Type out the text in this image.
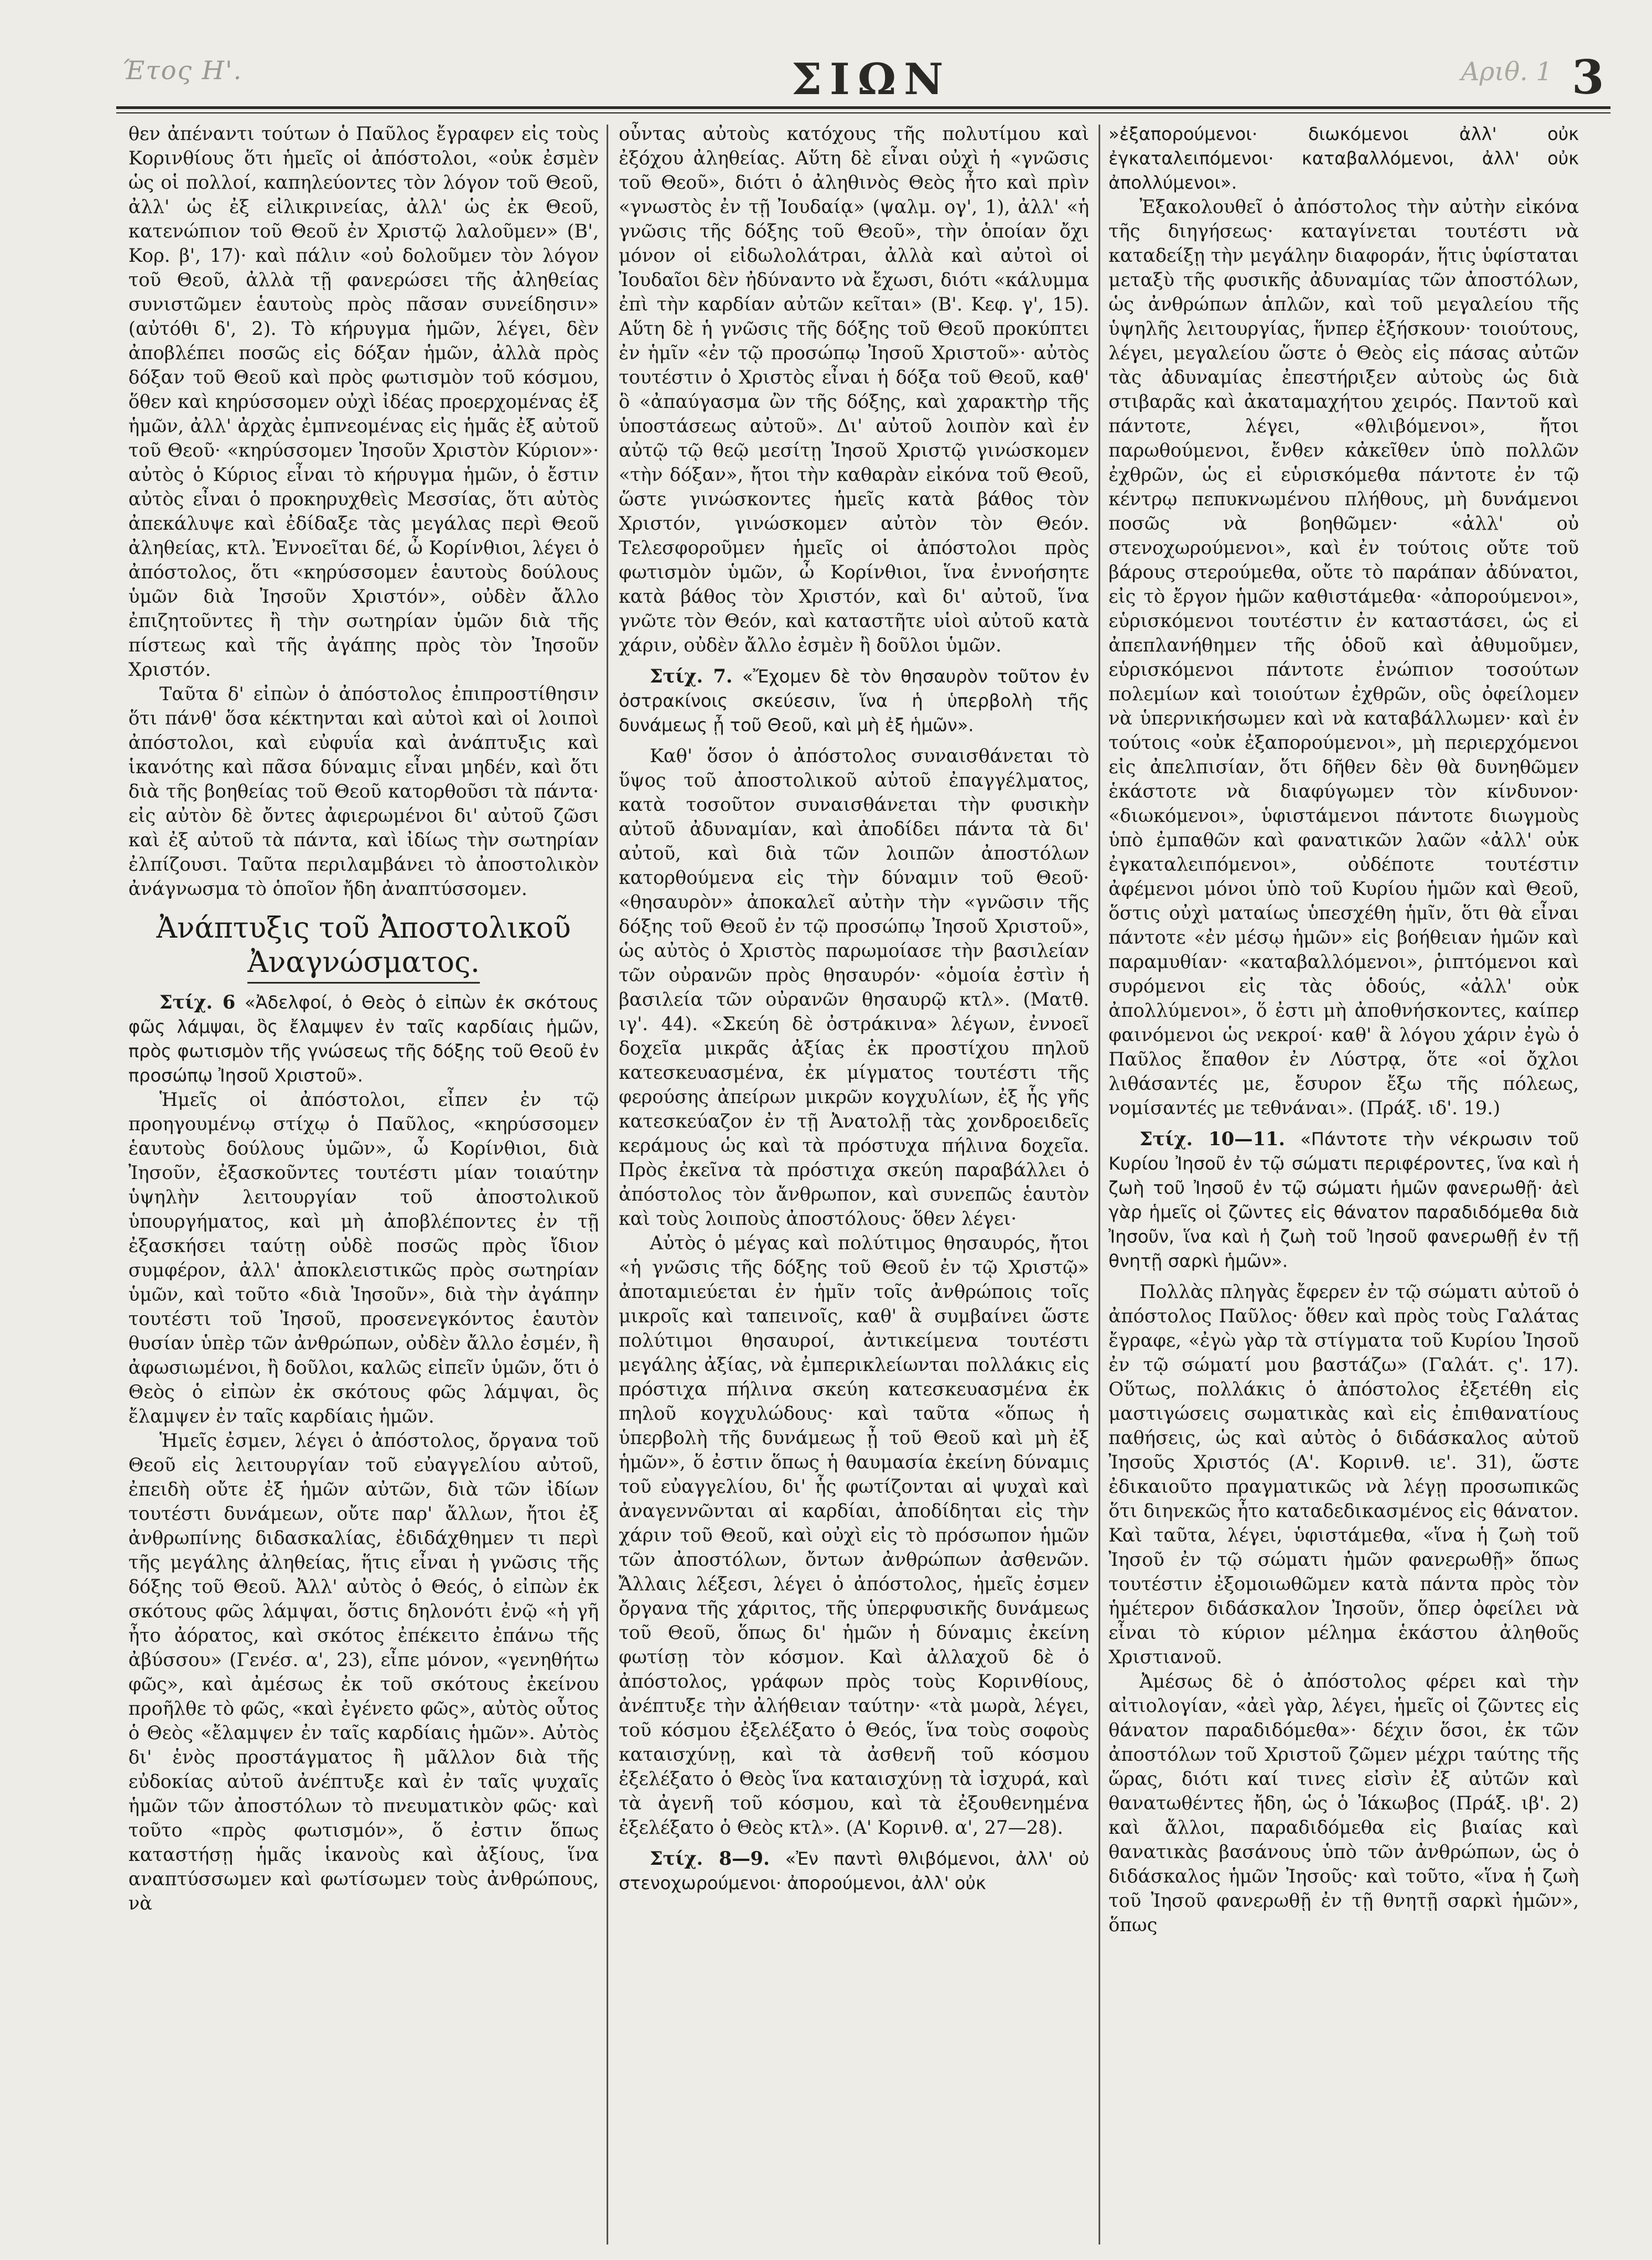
Έτος Η'.	ΣΙΩΝ	Αριθ. 1 3

θεν ἀπέναντι τούτων ὁ Παῦλος ἔγραφεν εἰς τοὺς Κορινθίους ὅτι ἡμεῖς οἱ ἀπόστολοι, «οὐκ ἐσμὲν ὡς οἱ πολλοί, καπηλεύοντες τὸν λόγον τοῦ Θεοῦ, ἀλλ' ὡς ἐξ εἰλικρινείας, ἀλλ' ὡς ἐκ Θεοῦ, κατενώπιον τοῦ Θεοῦ ἐν Χριστῷ λαλοῦμεν» (Β', Κορ. β', 17)· καὶ πάλιν «οὐ δολοῦμεν τὸν λόγον τοῦ Θεοῦ, ἀλλὰ τῇ φανερώσει τῆς ἀληθείας συνιστῶμεν ἑαυτοὺς πρὸς πᾶσαν συνείδησιν» (αὐτόθι δ', 2). Τὸ κήρυγμα ἡμῶν, λέγει, δὲν ἀποβλέπει ποσῶς εἰς δόξαν ἡμῶν, ἀλλὰ πρὸς δόξαν τοῦ Θεοῦ καὶ πρὸς φωτισμὸν τοῦ κόσμου, ὅθεν καὶ κηρύσσομεν οὐχὶ ἰδέας προερχομένας ἐξ ἡμῶν, ἀλλ' ἀρχὰς ἐμπνεομένας εἰς ἡμᾶς ἐξ αὐτοῦ τοῦ Θεοῦ· «κηρύσσομεν Ἰησοῦν Χριστὸν Κύριον»· αὐτὸς ὁ Κύριος εἶναι τὸ κήρυγμα ἡμῶν, ὁ ἔστιν αὐτὸς εἶναι ὁ προκηρυχθεὶς Μεσσίας, ὅτι αὐτὸς ἀπεκάλυψε καὶ ἐδίδαξε τὰς μεγάλας περὶ Θεοῦ ἀληθείας, κτλ. Ἐννοεῖται δέ, ὦ Κορίνθιοι, λέγει ὁ ἀπόστολος, ὅτι «κηρύσσομεν ἑαυτοὺς δούλους ὑμῶν διὰ Ἰησοῦν Χριστόν», οὐδὲν ἄλλο ἐπιζητοῦντες ἢ τὴν σωτηρίαν ὑμῶν διὰ τῆς πίστεως καὶ τῆς ἀγάπης πρὸς τὸν Ἰησοῦν Χριστόν.

Ταῦτα δ' εἰπὼν ὁ ἀπόστολος ἐπιπροστίθησιν ὅτι πάνθ' ὅσα κέκτηνται καὶ αὐτοὶ καὶ οἱ λοιποὶ ἀπόστολοι, καὶ εὐφυΐα καὶ ἀνάπτυξις καὶ ἱκανότης καὶ πᾶσα δύναμις εἶναι μηδέν, καὶ ὅτι διὰ τῆς βοηθείας τοῦ Θεοῦ κατορθοῦσι τὰ πάντα· εἰς αὐτὸν δὲ ὄντες ἀφιερωμένοι δι' αὐτοῦ ζῶσι καὶ ἐξ αὐτοῦ τὰ πάντα, καὶ ἰδίως τὴν σωτηρίαν ἐλπίζουσι. Ταῦτα περιλαμβάνει τὸ ἀποστολικὸν ἀνάγνωσμα τὸ ὁποῖον ἤδη ἀναπτύσσομεν.

Ἀνάπτυξις τοῦ Ἀποστολικοῦ
Ἀναγνώσματος.

Στίχ. 6 «Ἀδελφοί, ὁ Θεὸς ὁ εἰπὼν ἐκ σκότους φῶς λάμψαι, ὃς ἔλαμψεν ἐν ταῖς καρδίαις ἡμῶν, πρὸς φωτισμὸν τῆς γνώσεως τῆς δόξης τοῦ Θεοῦ ἐν προσώπῳ Ἰησοῦ Χριστοῦ».

Ἡμεῖς οἱ ἀπόστολοι, εἶπεν ἐν τῷ προηγουμένῳ στίχῳ ὁ Παῦλος, «κηρύσσομεν ἑαυτοὺς δούλους ὑμῶν», ὦ Κορίνθιοι, διὰ Ἰησοῦν, ἐξασκοῦντες τουτέστι μίαν τοιαύτην ὑψηλὴν λειτουργίαν τοῦ ἀποστολικοῦ ὑπουργήματος, καὶ μὴ ἀποβλέποντες ἐν τῇ ἐξασκήσει ταύτῃ οὐδὲ ποσῶς πρὸς ἴδιον συμφέρον, ἀλλ' ἀποκλειστικῶς πρὸς σωτηρίαν ὑμῶν, καὶ τοῦτο «διὰ Ἰησοῦν», διὰ τὴν ἀγάπην τουτέστι τοῦ Ἰησοῦ, προσενεγκόντος ἑαυτὸν θυσίαν ὑπὲρ τῶν ἀνθρώπων, οὐδὲν ἄλλο ἐσμέν, ἢ ἀφωσιωμένοι, ἢ δοῦλοι, καλῶς εἰπεῖν ὑμῶν, ὅτι ὁ Θεὸς ὁ εἰπὼν ἐκ σκότους φῶς λάμψαι, ὃς ἔλαμψεν ἐν ταῖς καρδίαις ἡμῶν.

Ἡμεῖς ἐσμεν, λέγει ὁ ἀπόστολος, ὄργανα τοῦ Θεοῦ εἰς λειτουργίαν τοῦ εὐαγγελίου αὐτοῦ, ἐπειδὴ οὔτε ἐξ ἡμῶν αὐτῶν, διὰ τῶν ἰδίων τουτέστι δυνάμεων, οὔτε παρ' ἄλλων, ἤτοι ἐξ ἀνθρωπίνης διδασκαλίας, ἐδιδάχθημεν τι περὶ τῆς μεγάλης ἀληθείας, ἥτις εἶναι ἡ γνῶσις τῆς δόξης τοῦ Θεοῦ. Ἀλλ' αὐτὸς ὁ Θεός, ὁ εἰπὼν ἐκ σκότους φῶς λάμψαι, ὅστις δηλονότι ἐνῷ «ἡ γῆ ἦτο ἀόρατος, καὶ σκότος ἐπέκειτο ἐπάνω τῆς ἀβύσσου» (Γενέσ. α', 23), εἶπε μόνον, «γενηθήτω φῶς», καὶ ἀμέσως ἐκ τοῦ σκότους ἐκείνου προῆλθε τὸ φῶς, «καὶ ἐγένετο φῶς», αὐτὸς οὗτος ὁ Θεὸς «ἔλαμψεν ἐν ταῖς καρδίαις ἡμῶν». Αὐτὸς δι' ἑνὸς προστάγματος ἢ μᾶλλον διὰ τῆς εὐδοκίας αὐτοῦ ἀνέπτυξε καὶ ἐν ταῖς ψυχαῖς ἡμῶν τῶν ἀποστόλων τὸ πνευματικὸν φῶς· καὶ τοῦτο «πρὸς φωτισμόν», ὅ ἐστιν ὅπως καταστήσῃ ἡμᾶς ἱκανοὺς καὶ ἀξίους, ἵνα αναπτύσσωμεν καὶ φωτίσωμεν τοὺς ἀνθρώπους, νὰ

οὖντας αὐτοὺς κατόχους τῆς πολυτίμου καὶ ἐξόχου ἀληθείας. Αὕτη δὲ εἶναι οὐχὶ ἡ «γνῶσις τοῦ Θεοῦ», διότι ὁ ἀληθινὸς Θεὸς ἦτο καὶ πρὶν «γνωστὸς ἐν τῇ Ἰουδαίᾳ» (ψαλμ. ογ', 1), ἀλλ' «ἡ γνῶσις τῆς δόξης τοῦ Θεοῦ», τὴν ὁποίαν ὄχι μόνον οἱ εἰδωλολάτραι, ἀλλὰ καὶ αὐτοὶ οἱ Ἰουδαῖοι δὲν ἠδύναντο νὰ ἔχωσι, διότι «κάλυμμα ἐπὶ τὴν καρδίαν αὐτῶν κεῖται» (Β'. Κεφ. γ', 15). Αὕτη δὲ ἡ γνῶσις τῆς δόξης τοῦ Θεοῦ προκύπτει ἐν ἡμῖν «ἐν τῷ προσώπῳ Ἰησοῦ Χριστοῦ»· αὐτὸς τουτέστιν ὁ Χριστὸς εἶναι ἡ δόξα τοῦ Θεοῦ, καθ' ὃ «ἀπαύγασμα ὢν τῆς δόξης, καὶ χαρακτὴρ τῆς ὑποστάσεως αὐτοῦ». Δι' αὐτοῦ λοιπὸν καὶ ἐν αὐτῷ τῷ θεῷ μεσίτῃ Ἰησοῦ Χριστῷ γινώσκομεν «τὴν δόξαν», ἤτοι τὴν καθαρὰν εἰκόνα τοῦ Θεοῦ, ὥστε γινώσκοντες ἡμεῖς κατὰ βάθος τὸν Χριστόν, γινώσκομεν αὐτὸν τὸν Θεόν. Τελεσφοροῦμεν ἡμεῖς οἱ ἀπόστολοι πρὸς φωτισμὸν ὑμῶν, ὦ Κορίνθιοι, ἵνα ἐννοήσητε κατὰ βάθος τὸν Χριστόν, καὶ δι' αὐτοῦ, ἵνα γνῶτε τὸν Θεόν, καὶ καταστῆτε υἱοὶ αὐτοῦ κατὰ χάριν, οὐδὲν ἄλλο ἐσμὲν ἢ δοῦλοι ὑμῶν.

Στίχ. 7. «Ἔχομεν δὲ τὸν θησαυρὸν τοῦτον ἐν ὀστρακίνοις σκεύεσιν, ἵνα ἡ ὑπερβολὴ τῆς δυνάμεως ᾖ τοῦ Θεοῦ, καὶ μὴ ἐξ ἡμῶν».

Καθ' ὅσον ὁ ἀπόστολος συναισθάνεται τὸ ὕψος τοῦ ἀποστολικοῦ αὐτοῦ ἐπαγγέλματος, κατὰ τοσοῦτον συναισθάνεται τὴν φυσικὴν αὐτοῦ ἀδυναμίαν, καὶ ἀποδίδει πάντα τὰ δι' αὐτοῦ, καὶ διὰ τῶν λοιπῶν ἀποστόλων κατορθούμενα εἰς τὴν δύναμιν τοῦ Θεοῦ· «θησαυρὸν» ἀποκαλεῖ αὐτὴν τὴν «γνῶσιν τῆς δόξης τοῦ Θεοῦ ἐν τῷ προσώπῳ Ἰησοῦ Χριστοῦ», ὡς αὐτὸς ὁ Χριστὸς παρωμοίασε τὴν βασιλείαν τῶν οὐρανῶν πρὸς θησαυρόν· «ὁμοία ἐστὶν ἡ βασιλεία τῶν οὐρανῶν θησαυρῷ κτλ». (Ματθ. ιγ'. 44). «Σκεύη δὲ ὀστράκινα» λέγων, ἐννοεῖ δοχεῖα μικρᾶς ἀξίας ἐκ προστίχου πηλοῦ κατεσκευασμένα, ἐκ μίγματος τουτέστι τῆς φερούσης ἀπείρων μικρῶν κογχυλίων, ἐξ ἧς γῆς κατεσκεύαζον ἐν τῇ Ἀνατολῇ τὰς χονδροειδεῖς κεράμους ὡς καὶ τὰ πρόστυχα πήλινα δοχεῖα. Πρὸς ἐκεῖνα τὰ πρόστιχα σκεύη παραβάλλει ὁ ἀπόστολος τὸν ἄνθρωπον, καὶ συνεπῶς ἑαυτὸν καὶ τοὺς λοιποὺς ἀποστόλους· ὅθεν λέγει·

Αὐτὸς ὁ μέγας καὶ πολύτιμος θησαυρός, ἤτοι «ἡ γνῶσις τῆς δόξης τοῦ Θεοῦ ἐν τῷ Χριστῷ» ἀποταμιεύεται ἐν ἡμῖν τοῖς ἀνθρώποις τοῖς μικροῖς καὶ ταπεινοῖς, καθ' ἃ συμβαίνει ὥστε πολύτιμοι θησαυροί, ἀντικείμενα τουτέστι μεγάλης ἀξίας, νὰ ἐμπερικλείωνται πολλάκις εἰς πρόστιχα πήλινα σκεύη κατεσκευασμένα ἐκ πηλοῦ κογχυλώδους· καὶ ταῦτα «ὅπως ἡ ὑπερβολὴ τῆς δυνάμεως ᾖ τοῦ Θεοῦ καὶ μὴ ἐξ ἡμῶν», ὅ ἐστιν ὅπως ἡ θαυμασία ἐκείνη δύναμις τοῦ εὐαγγελίου, δι' ἧς φωτίζονται αἱ ψυχαὶ καὶ ἀναγεννῶνται αἱ καρδίαι, ἀποδίδηται εἰς τὴν χάριν τοῦ Θεοῦ, καὶ οὐχὶ εἰς τὸ πρόσωπον ἡμῶν τῶν ἀποστόλων, ὄντων ἀνθρώπων ἀσθενῶν. Ἄλλαις λέξεσι, λέγει ὁ ἀπόστολος, ἡμεῖς ἐσμεν ὄργανα τῆς χάριτος, τῆς ὑπερφυσικῆς δυνάμεως τοῦ Θεοῦ, ὅπως δι' ἡμῶν ἡ δύναμις ἐκείνη φωτίσῃ τὸν κόσμον. Καὶ ἀλλαχοῦ δὲ ὁ ἀπόστολος, γράφων πρὸς τοὺς Κορινθίους, ἀνέπτυξε τὴν ἀλήθειαν ταύτην· «τὰ μωρὰ, λέγει, τοῦ κόσμου ἐξελέξατο ὁ Θεός, ἵνα τοὺς σοφοὺς καταισχύνῃ, καὶ τὰ ἀσθενῆ τοῦ κόσμου ἐξελέξατο ὁ Θεὸς ἵνα καταισχύνῃ τὰ ἰσχυρά, καὶ τὰ ἀγενῆ τοῦ κόσμου, καὶ τὰ ἐξουθενημένα ἐξελέξατο ὁ Θεὸς κτλ». (Α' Κορινθ. α', 27—28).

Στίχ. 8—9. «Ἐν παντὶ θλιβόμενοι, ἀλλ' οὐ στενοχωρούμενοι· ἀπορούμενοι, ἀλλ' οὐκ

»ἐξαπορούμενοι· διωκόμενοι ἀλλ' οὐκ ἐγκαταλειπόμενοι· καταβαλλόμενοι, ἀλλ' οὐκ ἀπολλύμενοι».

Ἐξακολουθεῖ ὁ ἀπόστολος τὴν αὐτὴν εἰκόνα τῆς διηγήσεως· καταγίνεται τουτέστι νὰ καταδείξῃ τὴν μεγάλην διαφοράν, ἥτις ὑφίσταται μεταξὺ τῆς φυσικῆς ἀδυναμίας τῶν ἀποστόλων, ὡς ἀνθρώπων ἁπλῶν, καὶ τοῦ μεγαλείου τῆς ὑψηλῆς λειτουργίας, ἥνπερ ἐξήσκουν· τοιούτους, λέγει, μεγαλείου ὥστε ὁ Θεὸς εἰς πάσας αὐτῶν τὰς ἀδυναμίας ἐπεστήριξεν αὐτοὺς ὡς διὰ στιβαρᾶς καὶ ἀκαταμαχήτου χειρός. Παντοῦ καὶ πάντοτε, λέγει, «θλιβόμενοι», ἤτοι παρωθούμενοι, ἔνθεν κἀκεῖθεν ὑπὸ πολλῶν ἐχθρῶν, ὡς εἰ εὑρισκόμεθα πάντοτε ἐν τῷ κέντρῳ πεπυκνωμένου πλήθους, μὴ δυνάμενοι ποσῶς νὰ βοηθῶμεν· «ἀλλ' οὐ στενοχωρούμενοι», καὶ ἐν τούτοις οὔτε τοῦ βάρους στερούμεθα, οὔτε τὸ παράπαν ἀδύνατοι, εἰς τὸ ἔργον ἡμῶν καθιστάμεθα· «ἀπορούμενοι», εὑρισκόμενοι τουτέστιν ἐν καταστάσει, ὡς εἰ ἀπεπλανήθημεν τῆς ὁδοῦ καὶ ἀθυμοῦμεν, εὑρισκόμενοι πάντοτε ἐνώπιον τοσούτων πολεμίων καὶ τοιούτων ἐχθρῶν, οὓς ὀφείλομεν νὰ ὑπερνικήσωμεν καὶ νὰ καταβάλλωμεν· καὶ ἐν τούτοις «οὐκ ἐξαπορούμενοι», μὴ περιερχόμενοι εἰς ἀπελπισίαν, ὅτι δῆθεν δὲν θὰ δυνηθῶμεν ἑκάστοτε νὰ διαφύγωμεν τὸν κίνδυνον· «διωκόμενοι», ὑφιστάμενοι πάντοτε διωγμοὺς ὑπὸ ἐμπαθῶν καὶ φανατικῶν λαῶν «ἀλλ' οὐκ ἐγκαταλειπόμενοι», οὐδέποτε τουτέστιν ἀφέμενοι μόνοι ὑπὸ τοῦ Κυρίου ἡμῶν καὶ Θεοῦ, ὅστις οὐχὶ ματαίως ὑπεσχέθη ἡμῖν, ὅτι θὰ εἶναι πάντοτε «ἐν μέσῳ ἡμῶν» εἰς βοήθειαν ἡμῶν καὶ παραμυθίαν· «καταβαλλόμενοι», ῥιπτόμενοι καὶ συρόμενοι εἰς τὰς ὁδούς, «ἀλλ' οὐκ ἀπολλύμενοι», ὅ ἐστι μὴ ἀποθνήσκοντες, καίπερ φαινόμενοι ὡς νεκροί· καθ' ἃ λόγου χάριν ἐγὼ ὁ Παῦλος ἔπαθον ἐν Λύστρᾳ, ὅτε «οἱ ὄχλοι λιθάσαντές με, ἔσυρον ἔξω τῆς πόλεως, νομίσαντές με τεθνάναι». (Πράξ. ιδ'. 19.)

Στίχ. 10—11. «Πάντοτε τὴν νέκρωσιν τοῦ Κυρίου Ἰησοῦ ἐν τῷ σώματι περιφέροντες, ἵνα καὶ ἡ ζωὴ τοῦ Ἰησοῦ ἐν τῷ σώματι ἡμῶν φανερωθῇ· ἀεὶ γὰρ ἡμεῖς οἱ ζῶντες εἰς θάνατον παραδιδόμεθα διὰ Ἰησοῦν, ἵνα καὶ ἡ ζωὴ τοῦ Ἰησοῦ φανερωθῇ ἐν τῇ θνητῇ σαρκὶ ἡμῶν».

Πολλὰς πληγὰς ἔφερεν ἐν τῷ σώματι αὐτοῦ ὁ ἀπόστολος Παῦλος· ὅθεν καὶ πρὸς τοὺς Γαλάτας ἔγραφε, «ἐγὼ γὰρ τὰ στίγματα τοῦ Κυρίου Ἰησοῦ ἐν τῷ σώματί μου βαστάζω» (Γαλάτ. ς'. 17). Οὕτως, πολλάκις ὁ ἀπόστολος ἐξετέθη εἰς μαστιγώσεις σωματικὰς καὶ εἰς ἐπιθανατίους παθήσεις, ὡς καὶ αὐτὸς ὁ διδάσκαλος αὐτοῦ Ἰησοῦς Χριστός (Α'. Κορινθ. ιε'. 31), ὥστε ἐδικαιοῦτο πραγματικῶς νὰ λέγῃ προσωπικῶς ὅτι διηνεκῶς ἦτο καταδεδικασμένος εἰς θάνατον. Καὶ ταῦτα, λέγει, ὑφιστάμεθα, «ἵνα ἡ ζωὴ τοῦ Ἰησοῦ ἐν τῷ σώματι ἡμῶν φανερωθῇ» ὅπως τουτέστιν ἐξομοιωθῶμεν κατὰ πάντα πρὸς τὸν ἡμέτερον διδάσκαλον Ἰησοῦν, ὅπερ ὀφείλει νὰ εἶναι τὸ κύριον μέλημα ἑκάστου ἀληθοῦς Χριστιανοῦ.

Ἀμέσως δὲ ὁ ἀπόστολος φέρει καὶ τὴν αἰτιολογίαν, «ἀεὶ γὰρ, λέγει, ἡμεῖς οἱ ζῶντες εἰς θάνατον παραδιδόμεθα»· δέχιν ὅσοι, ἐκ τῶν ἀποστόλων τοῦ Χριστοῦ ζῶμεν μέχρι ταύτης τῆς ὥρας, διότι καί τινες εἰσὶν ἐξ αὐτῶν καὶ θανατωθέντες ἤδη, ὡς ὁ Ἰάκωβος (Πράξ. ιβ'. 2) καὶ ἄλλοι, παραδιδόμεθα εἰς βιαίας καὶ θανατικὰς βασάνους ὑπὸ τῶν ἀνθρώπων, ὡς ὁ διδάσκαλος ἡμῶν Ἰησοῦς· καὶ τοῦτο, «ἵνα ἡ ζωὴ τοῦ Ἰησοῦ φανερωθῇ ἐν τῇ θνητῇ σαρκὶ ἡμῶν», ὅπως
